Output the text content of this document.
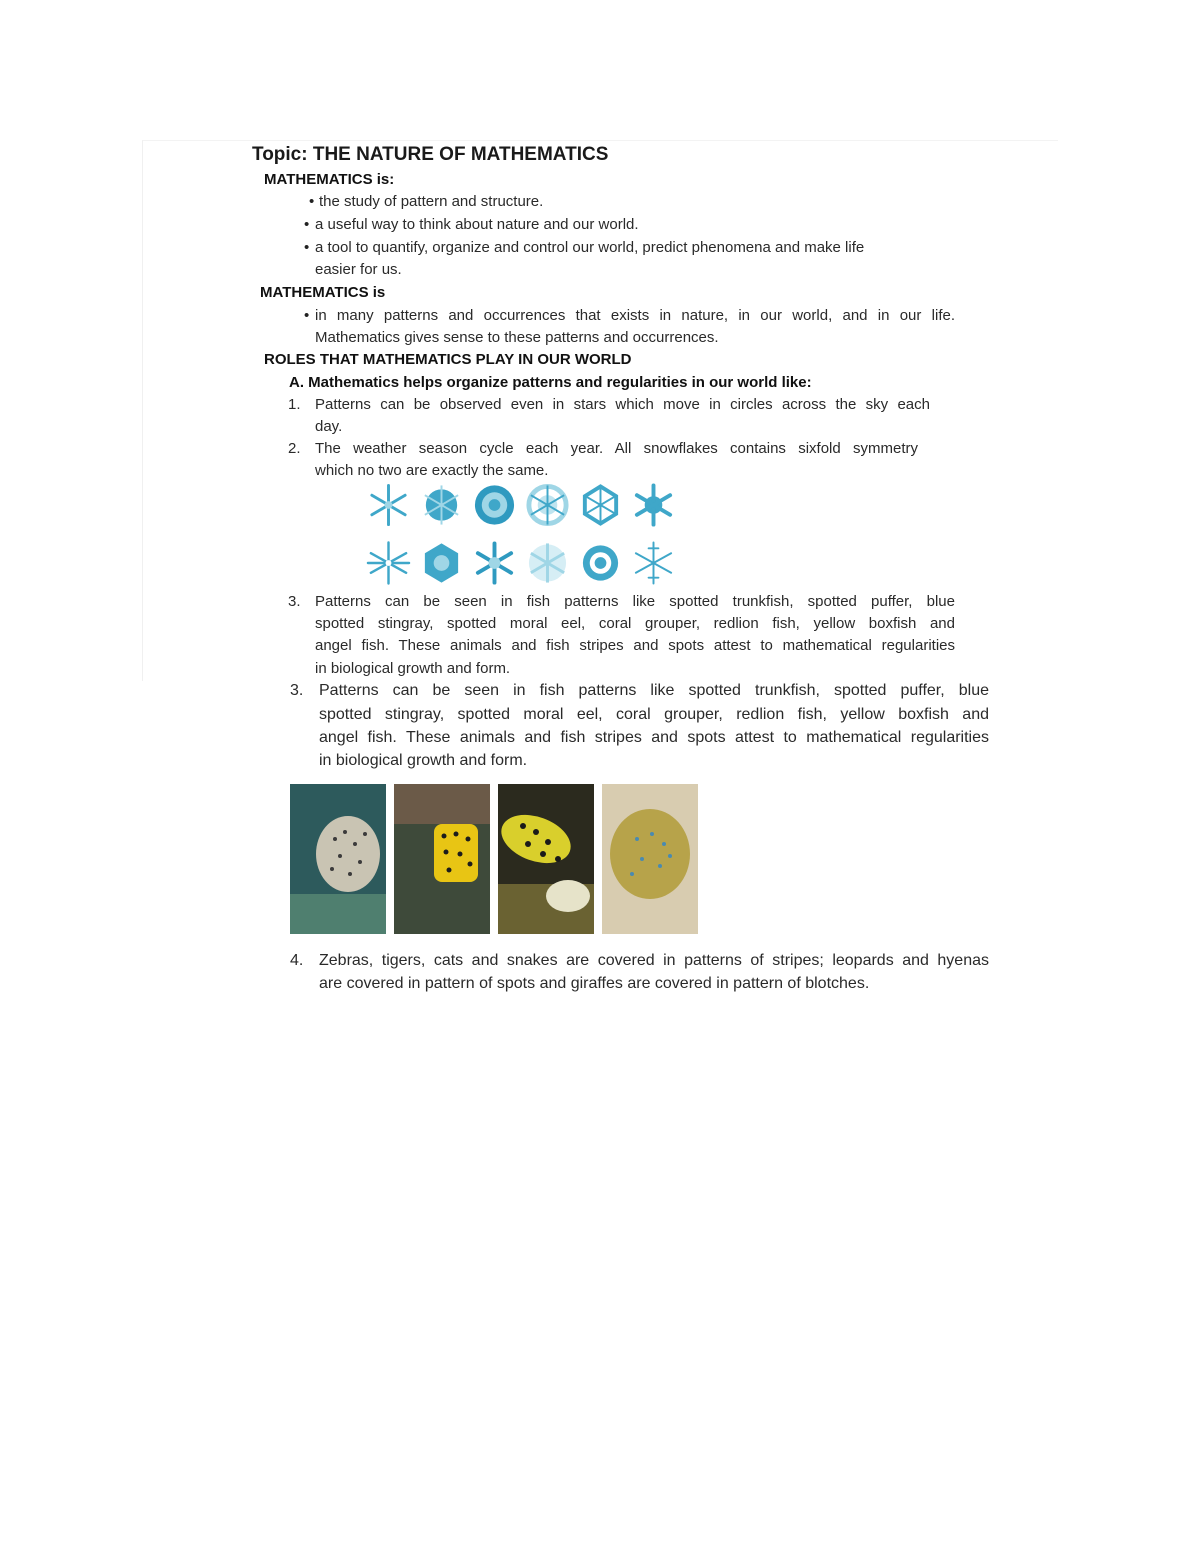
Topic: THE NATURE OF MATHEMATICS
MATHEMATICS is:
• the study of pattern and structure.
• a useful way to think about nature and our world.
• a tool to quantify, organize and control our world, predict phenomena and make life
easier for us.
MATHEMATICS is
• in many patterns and occurrences that exists in nature, in our world, and in our life.
Mathematics gives sense to these patterns and occurrences.
ROLES THAT MATHEMATICS PLAY IN OUR WORLD
A. Mathematics helps organize patterns and regularities in our world like:
1. Patterns can be observed even in stars which move in circles across the sky each
day.
2. The weather season cycle each year. All snowflakes contains sixfold symmetry
which no two are exactly the same.
3. Patterns can be seen in fish patterns like spotted trunkfish, spotted puffer, blue
spotted stingray, spotted moral eel, coral grouper, redlion fish, yellow boxfish and
angel fish. These animals and fish stripes and spots attest to mathematical regularities
in biological growth and form.
3. Patterns can be seen in fish patterns like spotted trunkfish, spotted puffer, blue
spotted stingray, spotted moral eel, coral grouper, redlion fish, yellow boxfish and
angel fish. These animals and fish stripes and spots attest to mathematical regularities
in biological growth and form.
4. Zebras, tigers, cats and snakes are covered in patterns of stripes; leopards and hyenas
are covered in pattern of spots and giraffes are covered in pattern of blotches.
